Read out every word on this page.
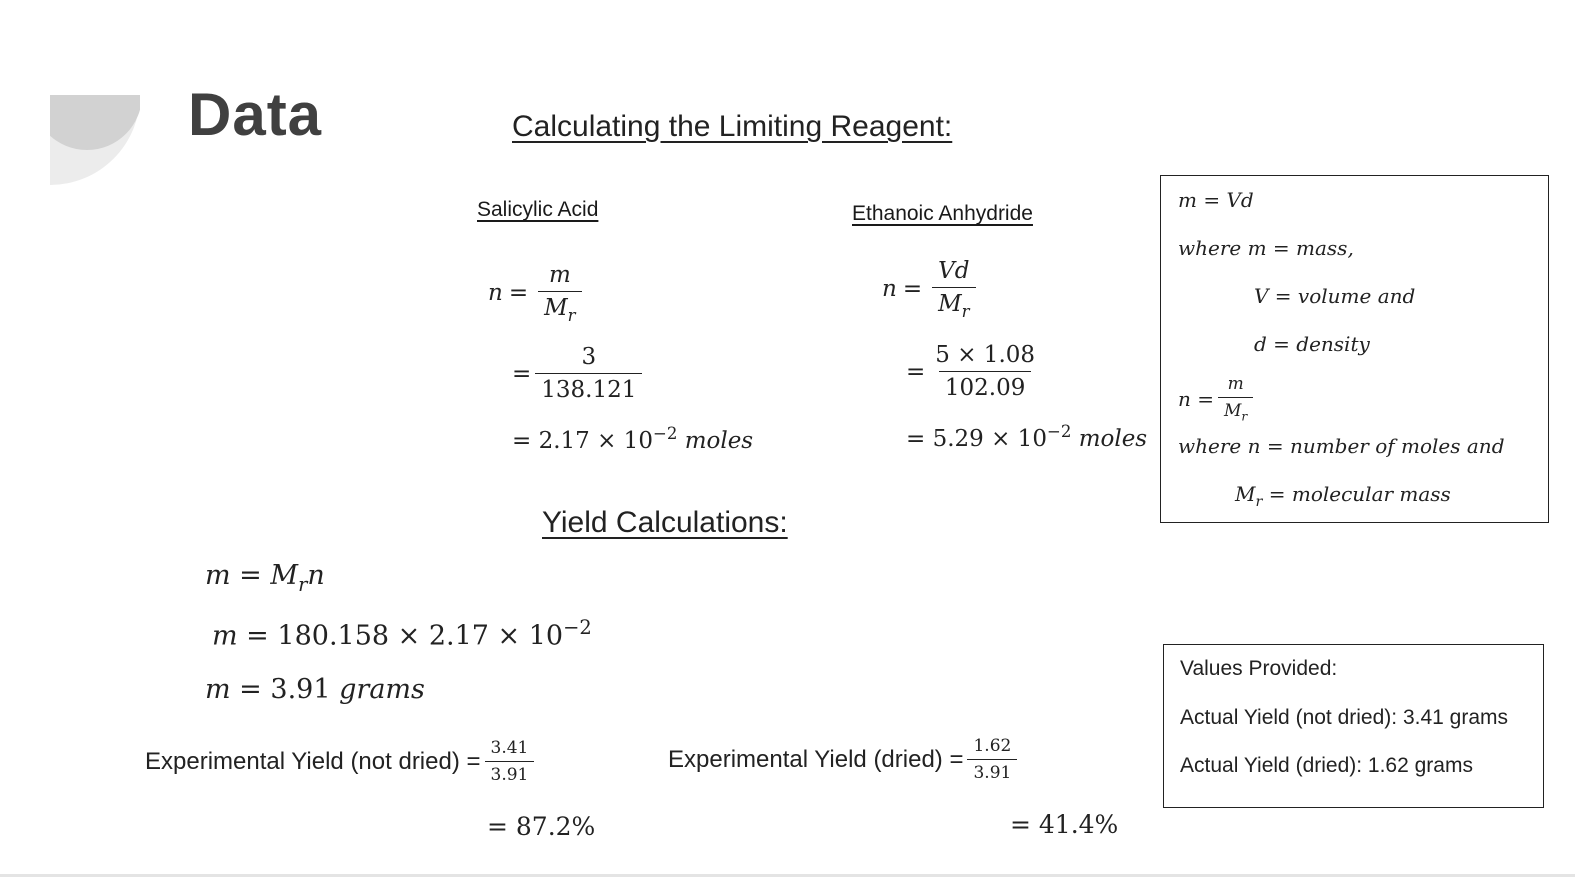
Data	Calculating the Limiting Reagent:
Salicylic Acid
$n = \frac{m}{M_r}$
= $\frac{3}{138.121}$
= $2.17 \times 10^{-2}$ moles
Ethanoic Anhydride
$n = \frac{Vd}{M_r}$
= $\frac{5 \times 1.08}{102.09}$
= $5.29 \times 10^{-2}$ moles
m = Vd
where m = mass,
V = volume and
d = density
$n = \frac{m}{M_r}$
where n = number of moles and
$M_r$ = molecular mass
Yield Calculations:
$m = M_rn$
$m = 180.158 \times 2.17 \times 10^{-2}$
m = 3.91 grams
Experimental Yield (not dried) = $\frac{3.41}{3.91}$
= 87.2%
Experimental Yield (dried) = $\frac{1.62}{3.91}$
= 41.4%
Values Provided:
Actual Yield (not dried): 3.41 grams
Actual Yield (dried): 1.62 grams
